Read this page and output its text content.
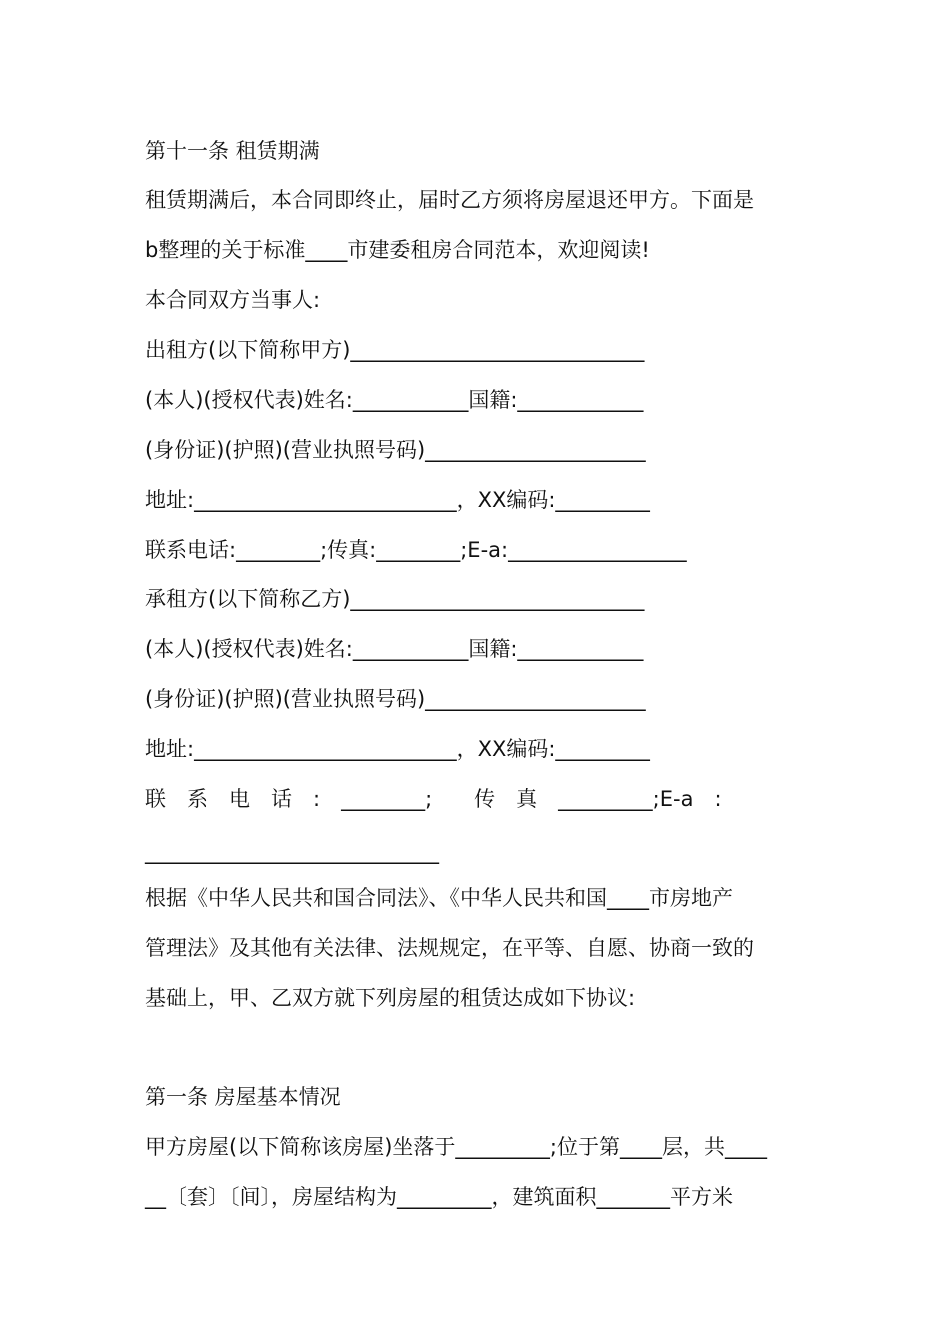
第十一条 租赁期满

租赁期满后，本合同即终止，届时乙方须将房屋退还甲方。下面是

b整理的关于标准____市建委租房合同范本，欢迎阅读!

本合同双方当事人:

出租方(以下简称甲方)____________________________

(本人)(授权代表)姓名:___________国籍:____________

(身份证)(护照)(营业执照号码)_____________________

地址:_________________________，XX编码:_________

联系电话:________;传真:________;E-a:_________________

承租方(以下简称乙方)____________________________

(本人)(授权代表)姓名:___________国籍:____________

(身份证)(护照)(营业执照号码)_____________________

地址:_________________________，XX编码:_________

联　系　电　话　:　________;　　传　真　_________;E-a　:

____________________________

根据《中华人民共和国合同法》、《中华人民共和国____市房地产

管理法》及其他有关法律、法规规定，在平等、自愿、协商一致的

基础上，甲、乙双方就下列房屋的租赁达成如下协议:

第一条 房屋基本情况

甲方房屋(以下简称该房屋)坐落于_________;位于第____层，共____

__〔套〕〔间〕，房屋结构为_________，建筑面积_______平方米
